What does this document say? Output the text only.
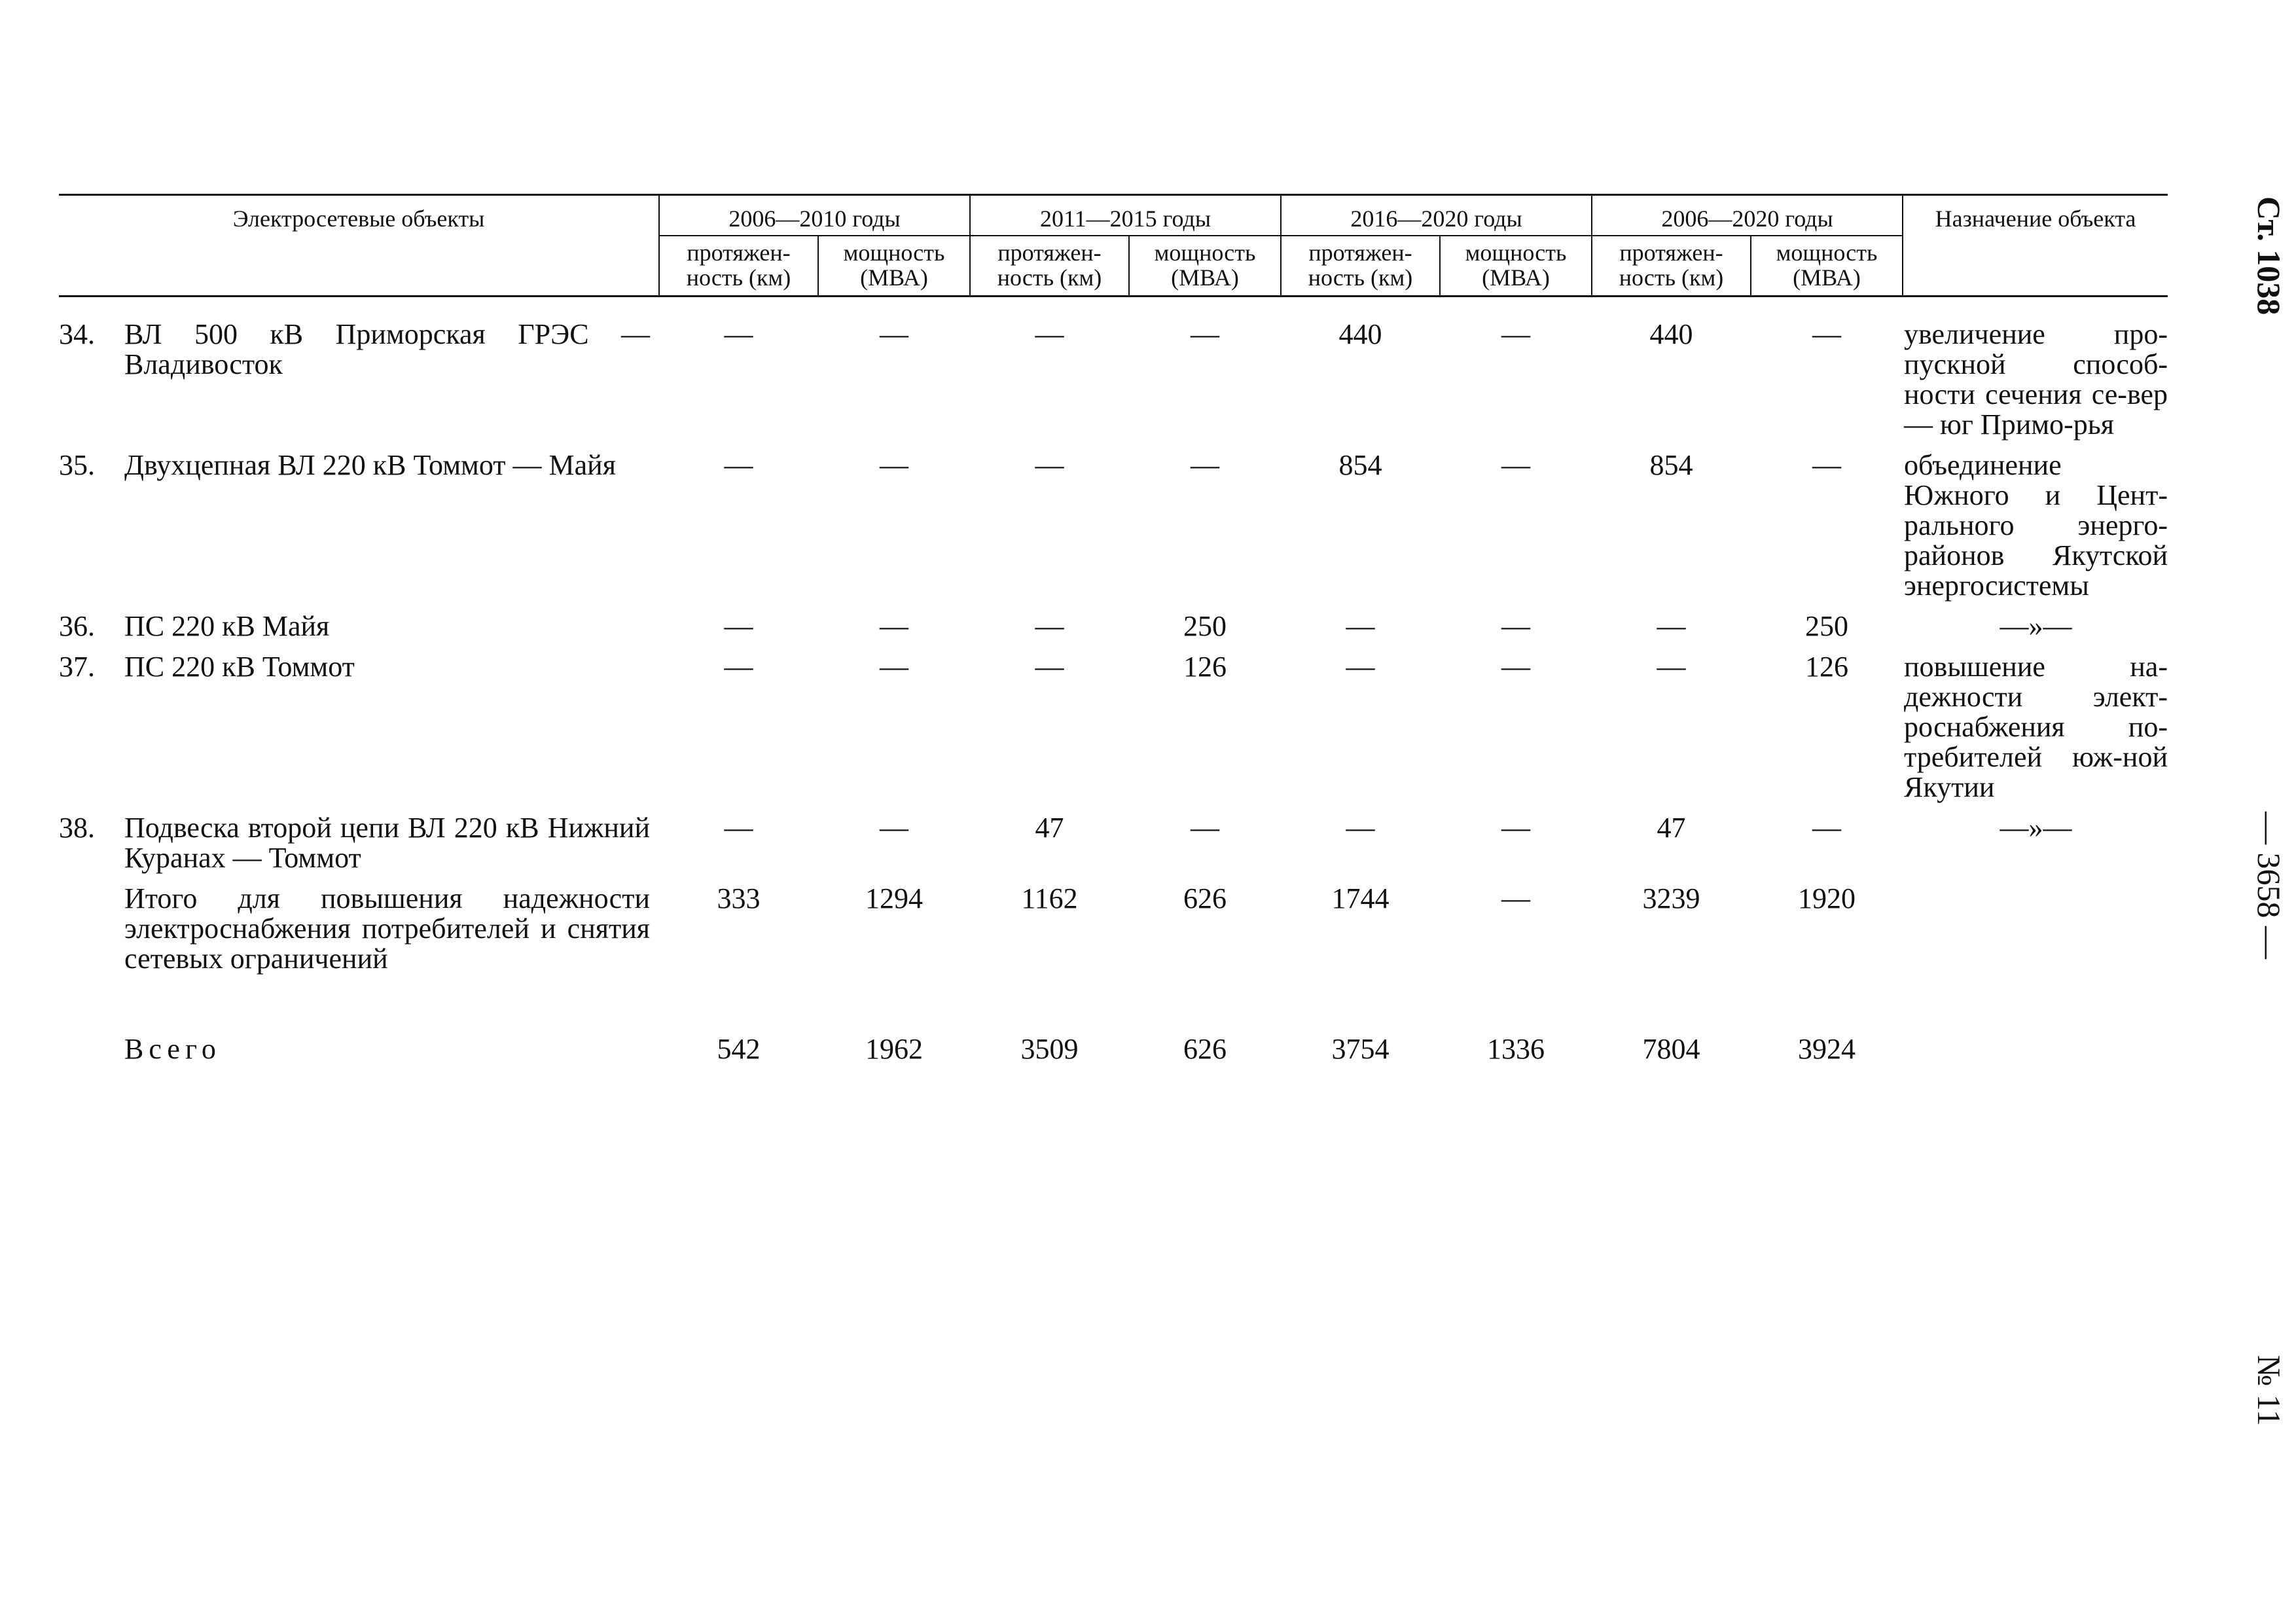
Ст. 1038
— 3658 —
№ 11
Электросетевые объекты	2006—2010 годы		2011—2015 годы		2016—2020 годы		2006—2020 годы		Назначение объекта
	протяжен-ность (км)	мощность (МВА)	протяжен-ность (км)	мощность (МВА)	протяжен-ность (км)	мощность (МВА)	протяжен-ность (км)	мощность (МВА)	

34. ВЛ 500 кВ Приморская ГРЭС — Владивосток	—	—	—	—	440	—	440	—	увеличение про-пускной способ-ности сечения се-вер — юг Примо-рья

35. Двухцепная ВЛ 220 кВ Томмот — Майя	—	—	—	—	854	—	854	—	объединение Южного и Цент-рального энерго-районов Якутской энергосистемы

36. ПС 220 кВ Майя	—	—	—	250	—	—	—	250	—»—

37. ПС 220 кВ Томмот	—	—	—	126	—	—	—	126	повышение на-дежности элект-роснабжения по-требителей юж-ной Якутии

38. Подвеска второй цепи ВЛ 220 кВ Нижний Куранах — Томмот	—	—	47	—	—	—	47	—	—»—

Итого для повышения надежности электроснабжения потребителей и снятия сетевых ограничений	333	1294	1162	626	1744	—	3239	1920	

Всего	542	1962	3509	626	3754	1336	7804	3924	
